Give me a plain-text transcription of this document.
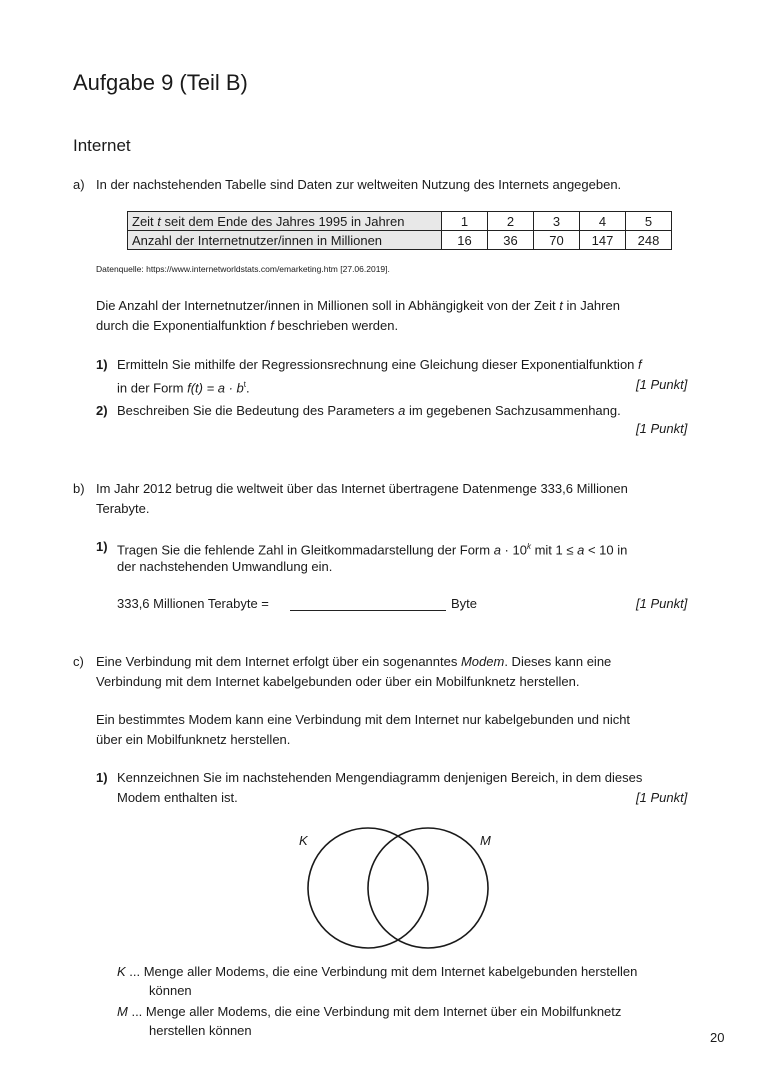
Aufgabe 9 (Teil B)
Internet
a) In der nachstehenden Tabelle sind Daten zur weltweiten Nutzung des Internets angegeben.
Zeit t seit dem Ende des Jahres 1995 in Jahren	1	2	3	4	5
Anzahl der Internetnutzer/innen in Millionen	16	36	70	147	248
Datenquelle: https://www.internetworldstats.com/emarketing.htm [27.06.2019].
Die Anzahl der Internetnutzer/innen in Millionen soll in Abhängigkeit von der Zeit t in Jahren
durch die Exponentialfunktion f beschrieben werden.
1) Ermitteln Sie mithilfe der Regressionsrechnung eine Gleichung dieser Exponentialfunktion f
in der Form $f(t) = a \cdot b^t$.	[1 Punkt]
2) Beschreiben Sie die Bedeutung des Parameters a im gegebenen Sachzusammenhang.
[1 Punkt]
b) Im Jahr 2012 betrug die weltweit über das Internet übertragene Datenmenge 333,6 Millionen
Terabyte.
1) Tragen Sie die fehlende Zahl in Gleitkommadarstellung der Form $a \cdot 10^k$ mit 1 ≤ a < 10 in
der nachstehenden Umwandlung ein.
333,6 Millionen Terabyte =	Byte	[1 Punkt]
c) Eine Verbindung mit dem Internet erfolgt über ein sogenanntes Modem. Dieses kann eine
Verbindung mit dem Internet kabelgebunden oder über ein Mobilfunknetz herstellen.
Ein bestimmtes Modem kann eine Verbindung mit dem Internet nur kabelgebunden und nicht
über ein Mobilfunknetz herstellen.
1) Kennzeichnen Sie im nachstehenden Mengendiagramm denjenigen Bereich, in dem dieses
Modem enthalten ist.	[1 Punkt]
K	M
K ... Menge aller Modems, die eine Verbindung mit dem Internet kabelgebunden herstellen
können
M ... Menge aller Modems, die eine Verbindung mit dem Internet über ein Mobilfunknetz
herstellen können	20
